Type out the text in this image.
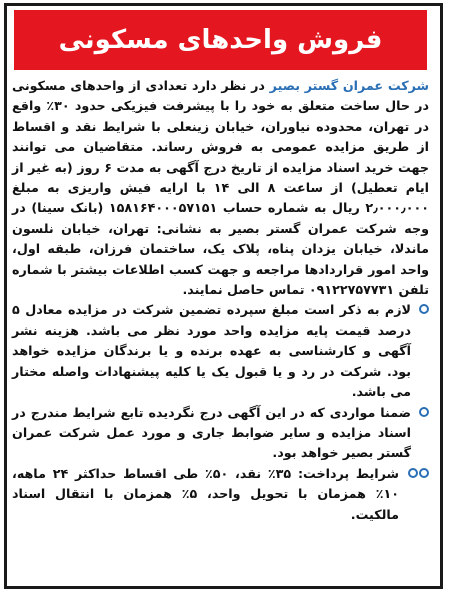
فروش واحدهای مسکونی

شرکت عمران گستر بصیر در نظر دارد تعدادی از واحدهای مسکونی در حال ساخت متعلق به خود را با پیشرفت فیزیکی حدود ۳۰٪ واقع در تهران، محدوده نیاوران، خیابان زینعلی با شرایط نقد و اقساط از طریق مزایده عمومی به فروش رساند. متقاضیان می توانند جهت خرید اسناد مزایده از تاریخ درج آگهی به مدت ۶ روز (به غیر از ایام تعطیل) از ساعت ۸ الی ۱۴ با ارایه فیش واریزی به مبلغ ۲٫۰۰۰٫۰۰۰ ریال به شماره حساب ۱۵۸۱۶۴۰۰۰۵۷۱۵۱ (بانک سینا) در وجه شرکت عمران گستر بصیر به نشانی: تهران، خیابان نلسون ماندلا، خیابان یزدان پناه، پلاک یک، ساختمان فرزان، طبقه اول، واحد امور قراردادها مراجعه و جهت کسب اطلاعات بیشتر با شماره تلفن ۰۹۱۲۲۷۵۷۷۳۱ تماس حاصل نمایند.

لازم به ذکر است مبلغ سپرده تضمین شرکت در مزایده معادل ۵ درصد قیمت پایه مزایده واحد مورد نظر می باشد. هزینه نشر آگهی و کارشناسی به عهده برنده و یا برندگان مزایده خواهد بود. شرکت در رد و یا قبول یک یا کلیه پیشنهادات واصله مختار می باشد.

ضمنا مواردی که در این آگهی درج نگردیده تابع شرایط مندرج در اسناد مزایده و سایر ضوابط جاری و مورد عمل شرکت عمران گستر بصیر خواهد بود.

شرایط پرداخت: ۳۵٪ نقد، ۵۰٪ طی اقساط حداکثر ۲۴ ماهه، ۱۰٪ همزمان با تحویل واحد، ۵٪ همزمان با انتقال اسناد مالکیت.
